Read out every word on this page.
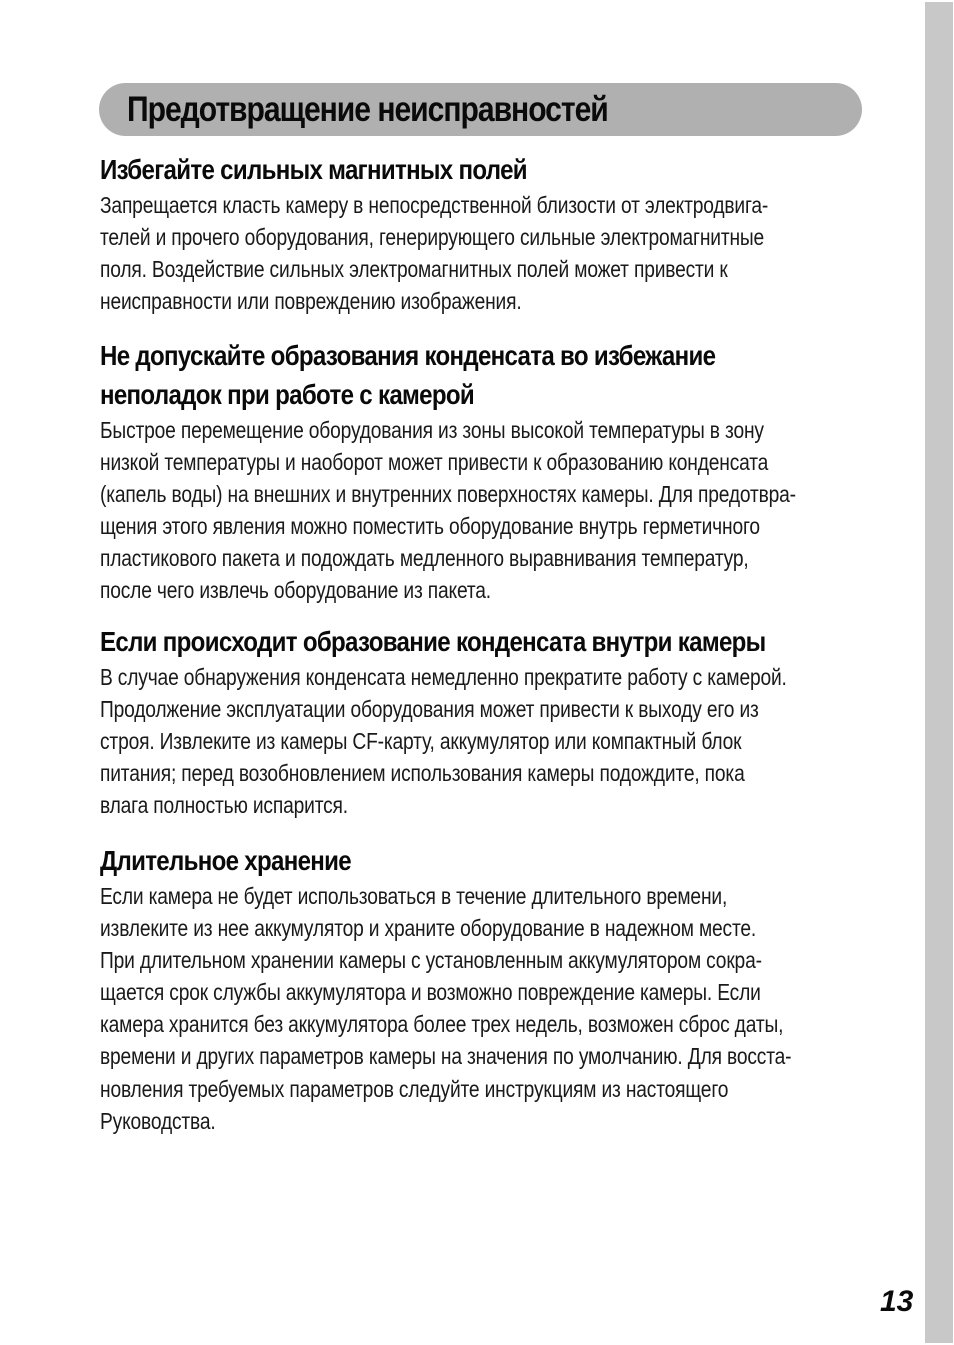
Предотвращение неисправностей
Избегайте сильных магнитных полей
Запрещается класть камеру в непосредственной близости от электродвига-
телей и прочего оборудования, генерирующего сильные электромагнитные
поля. Воздействие сильных электромагнитных полей может привести к
неисправности или повреждению изображения.
Не допускайте образования конденсата во избежание
неполадок при работе с камерой
Быстрое перемещение оборудования из зоны высокой температуры в зону
низкой температуры и наоборот может привести к образованию конденсата
(капель воды) на внешних и внутренних поверхностях камеры. Для предотвра-
щения этого явления можно поместить оборудование внутрь герметичного
пластикового пакета и подождать медленного выравнивания температур,
после чего извлечь оборудование из пакета.
Если происходит образование конденсата внутри камеры
В случае обнаружения конденсата немедленно прекратите работу с камерой.
Продолжение эксплуатации оборудования может привести к выходу его из
строя. Извлеките из камеры CF-карту, аккумулятор или компактный блок
питания; перед возобновлением использования камеры подождите, пока
влага полностью испарится.
Длительное хранение
Если камера не будет использоваться в течение длительного времени,
извлеките из нее аккумулятор и храните оборудование в надежном месте.
При длительном хранении камеры с установленным аккумулятором сокра-
щается срок службы аккумулятора и возможно повреждение камеры. Если
камера хранится без аккумулятора более трех недель, возможен сброс даты,
времени и других параметров камеры на значения по умолчанию. Для восста-
новления требуемых параметров следуйте инструкциям из настоящего
Руководства.
13
